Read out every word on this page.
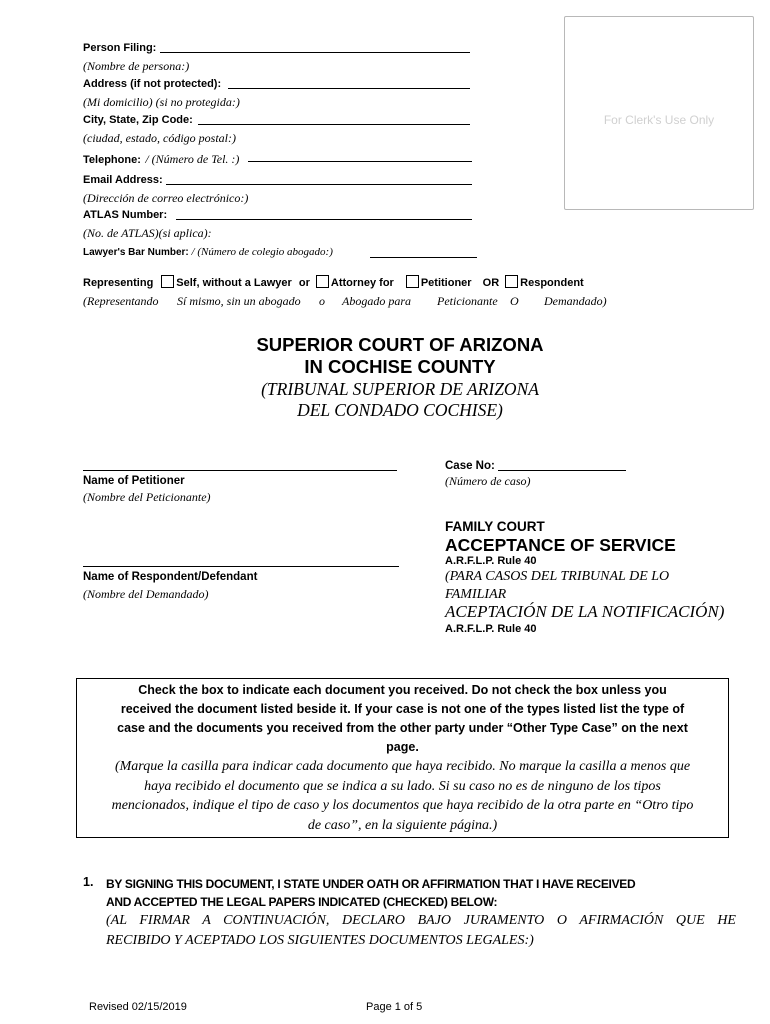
Person Filing:
(Nombre de persona:)
Address (if not protected):
(Mi domicilio) (si no protegida:)
City, State, Zip Code:
(ciudad, estado, código postal:)
Telephone: / (Número de Tel. :)
Email Address:
(Dirección de correo electrónico:)
ATLAS Number:
(No. de ATLAS)(si aplica):
Lawyer's Bar Number: / (Número de colegio abogado:)
For Clerk's Use Only
Representing Self, without a Lawyer or Attorney for Petitioner OR Respondent
(Representando Sí mismo, sin un abogado o Abogado para Peticionante O Demandado)
SUPERIOR COURT OF ARIZONA
IN COCHISE COUNTY
(TRIBUNAL SUPERIOR DE ARIZONA
DEL CONDADO COCHISE)
Name of Petitioner
(Nombre del Peticionante)
Name of Respondent/Defendant
(Nombre del Demandado)
Case No:
(Número de caso)
FAMILY COURT
ACCEPTANCE OF SERVICE
A.R.F.L.P. Rule 40
(PARA CASOS DEL TRIBUNAL DE LO
FAMILIAR
ACEPTACIÓN DE LA NOTIFICACIÓN)
A.R.F.L.P. Rule 40
Check the box to indicate each document you received. Do not check the box unless you
received the document listed beside it. If your case is not one of the types listed list the type of
case and the documents you received from the other party under “Other Type Case” on the next
page.
(Marque la casilla para indicar cada documento que haya recibido. No marque la casilla a menos que
haya recibido el documento que se indica a su lado. Si su caso no es de ninguno de los tipos
mencionados, indique el tipo de caso y los documentos que haya recibido de la otra parte en “Otro tipo
de caso”, en la siguiente página.)
1. BY SIGNING THIS DOCUMENT, I STATE UNDER OATH OR AFFIRMATION THAT I HAVE RECEIVED
AND ACCEPTED THE LEGAL PAPERS INDICATED (CHECKED) BELOW:
(AL FIRMAR A CONTINUACIÓN, DECLARO BAJO JURAMENTO O AFIRMACIÓN QUE HE
RECIBIDO Y ACEPTADO LOS SIGUIENTES DOCUMENTOS LEGALES:)
Revised 02/15/2019	Page 1 of 5
